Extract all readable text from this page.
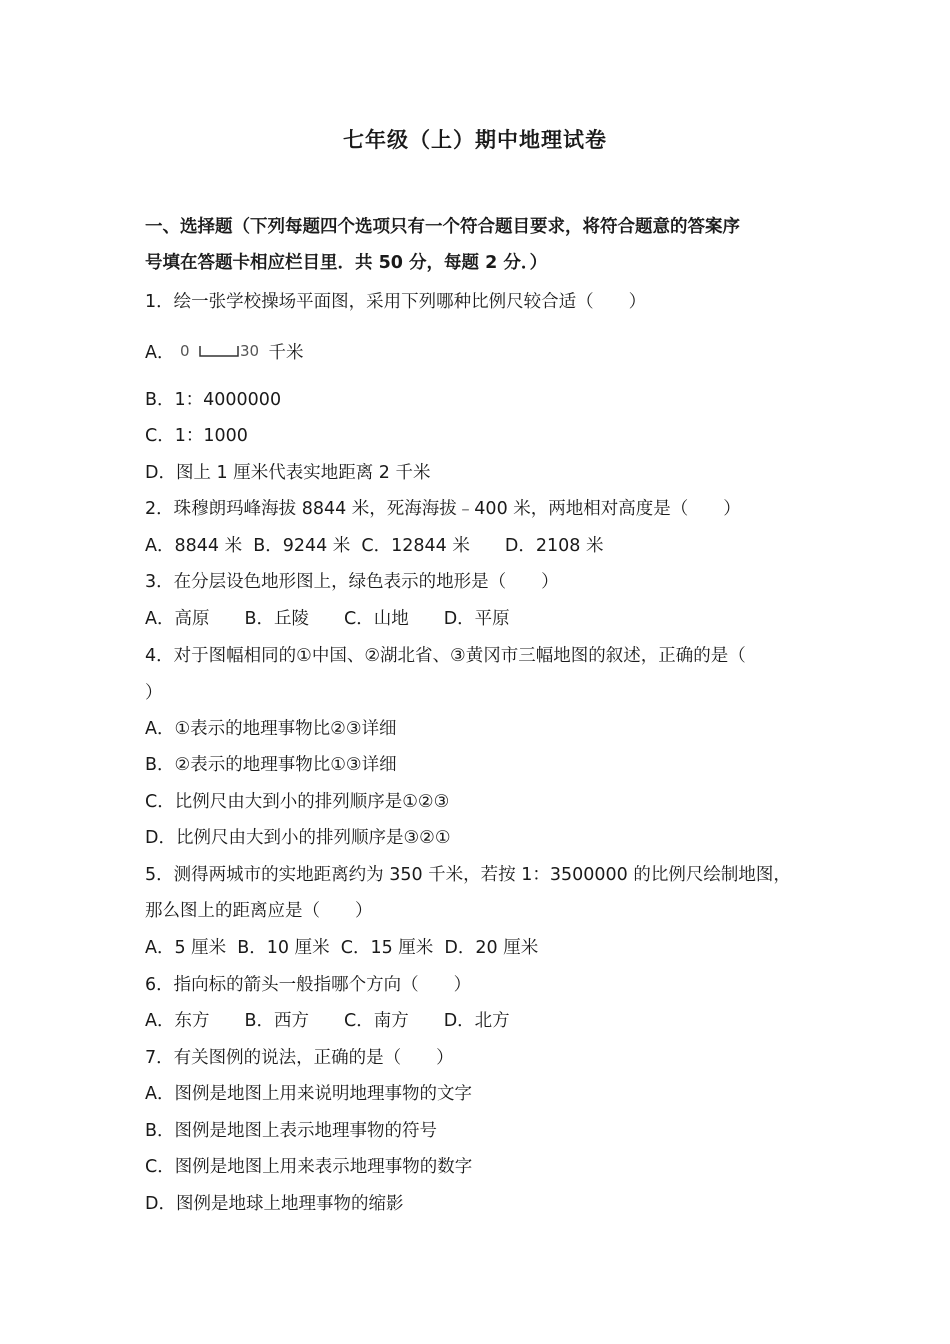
七年级（上）期中地理试卷
一、选择题（下列每题四个选项只有一个符合题目要求，将符合题意的答案序
号填在答题卡相应栏目里．共 50 分，每题 2 分．）
1．绘一张学校操场平面图，采用下列哪种比例尺较合适（　　）
A． 0	30 千米
B．1：4000000
C．1：1000
D．图上 1 厘米代表实地距离 2 千米
2．珠穆朗玛峰海拔 8844 米，死海海拔﹣400 米，两地相对高度是（　　）
A．8844 米  B．9244 米  C．12844 米　　D．2108 米
3．在分层设色地形图上，绿色表示的地形是（　　）
A．高原　　B．丘陵　　C．山地　　D．平原
4．对于图幅相同的①中国、②湖北省、③黄冈市三幅地图的叙述，正确的是（
）
A．①表示的地理事物比②③详细
B．②表示的地理事物比①③详细
C．比例尺由大到小的排列顺序是①②③
D．比例尺由大到小的排列顺序是③②①
5．测得两城市的实地距离约为 350 千米，若按 1：3500000 的比例尺绘制地图，
那么图上的距离应是（　　）
A．5 厘米  B．10 厘米  C．15 厘米  D．20 厘米
6．指向标的箭头一般指哪个方向（　　）
A．东方　　B．西方　　C．南方　　D．北方
7．有关图例的说法，正确的是（　　）
A．图例是地图上用来说明地理事物的文字
B．图例是地图上表示地理事物的符号
C．图例是地图上用来表示地理事物的数字
D．图例是地球上地理事物的缩影
